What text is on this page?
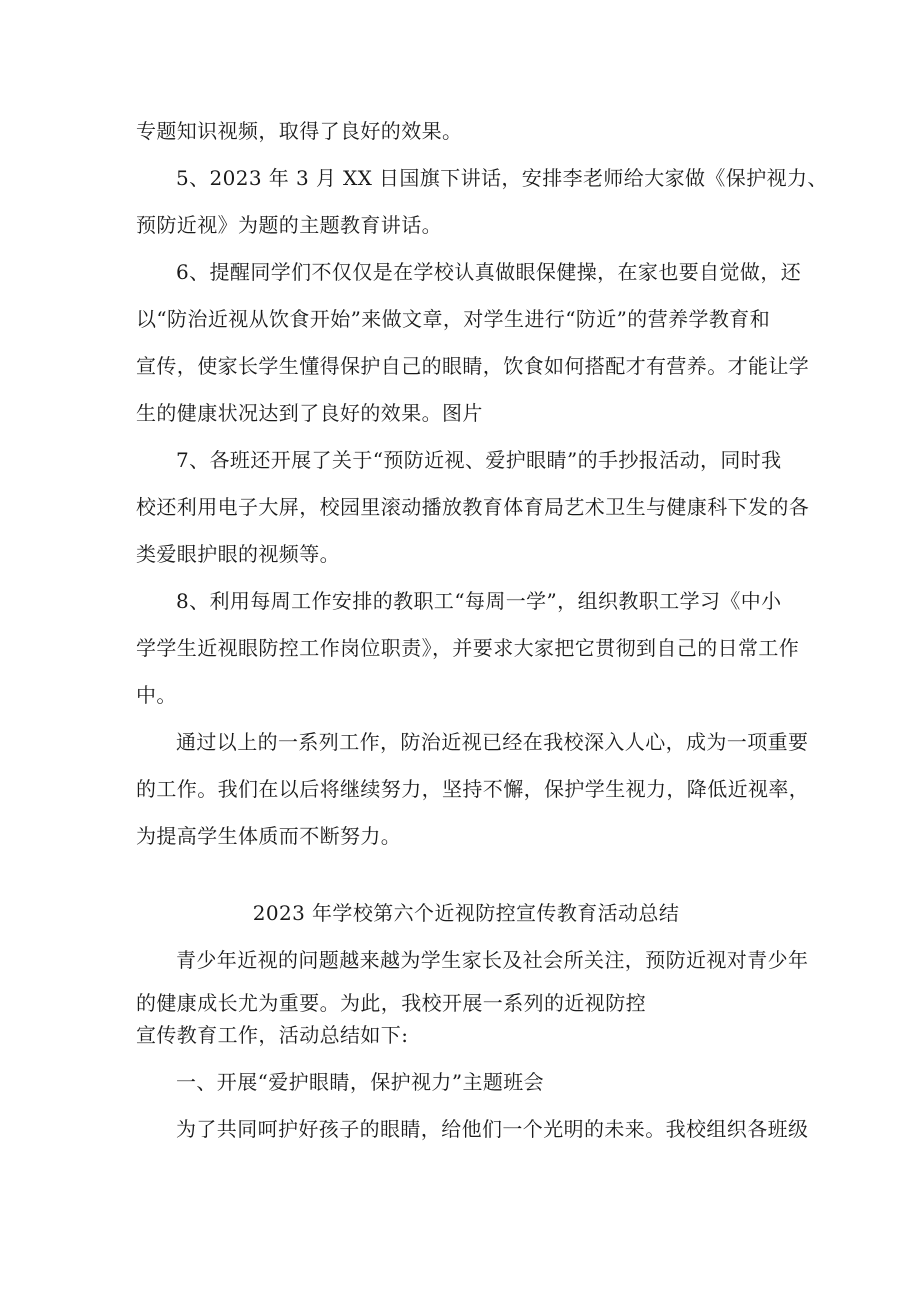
专题知识视频，取得了良好的效果。
5、2023 年 3 月 XX 日国旗下讲话，安排李老师给大家做《保护视力、
预防近视》为题的主题教育讲话。
6、提醒同学们不仅仅是在学校认真做眼保健操，在家也要自觉做，还
以“防治近视从饮食开始”来做文章，对学生进行“防近”的营养学教育和
宣传，使家长学生懂得保护自己的眼睛，饮食如何搭配才有营养。才能让学
生的健康状况达到了良好的效果。图片
7、各班还开展了关于“预防近视、爱护眼睛”的手抄报活动，同时我
校还利用电子大屏，校园里滚动播放教育体育局艺术卫生与健康科下发的各
类爱眼护眼的视频等。
8、利用每周工作安排的教职工“每周一学”，组织教职工学习《中小
学学生近视眼防控工作岗位职责》，并要求大家把它贯彻到自己的日常工作
中。
通过以上的一系列工作，防治近视已经在我校深入人心，成为一项重要
的工作。我们在以后将继续努力，坚持不懈，保护学生视力，降低近视率，
为提高学生体质而不断努力。
2023 年学校第六个近视防控宣传教育活动总结
青少年近视的问题越来越为学生家长及社会所关注，预防近视对青少年
的健康成长尤为重要。为此，我校开展一系列的近视防控
宣传教育工作，活动总结如下:
一、开展“爱护眼睛，保护视力”主题班会
为了共同呵护好孩子的眼睛，给他们一个光明的未来。我校组织各班级
